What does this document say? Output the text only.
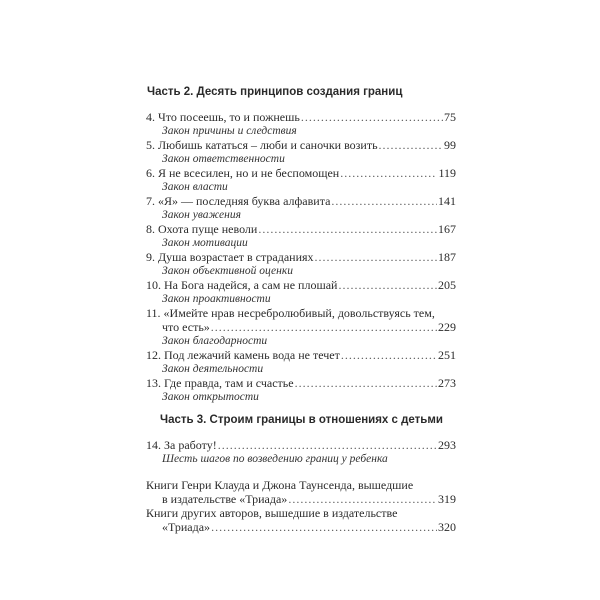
Часть 2. Десять принципов создания границ
4. Что посеешь, то и пожнешь .....	75
Закон причины и следствия
5. Любишь кататься – люби и саночки возить .....	99
Закон ответственности
6. Я не всесилен, но и не беспомощен .....	119
Закон власти
7. «Я» — последняя буква алфавита .....	141
Закон уважения
8. Охота пуще неволи .....	167
Закон мотивации
9. Душа возрастает в страданиях .....	187
Закон объективной оценки
10. На Бога надейся, а сам не плошай .....	205
Закон проактивности
11. «Имейте нрав несребролюбивый, довольствуясь тем,
что есть» .....	229
Закон благодарности
12. Под лежачий камень вода не течет .....	251
Закон деятельности
13. Где правда, там и счастье .....	273
Закон открытости
Часть 3. Строим границы в отношениях с детьми
14. За работу! .....	293
Шесть шагов по возведению границ у ребенка
Книги Генри Клауда и Джона Таунсенда, вышедшие
в издательстве «Триада» .....	319
Книги других авторов, вышедшие в издательстве
«Триада» .....	320
